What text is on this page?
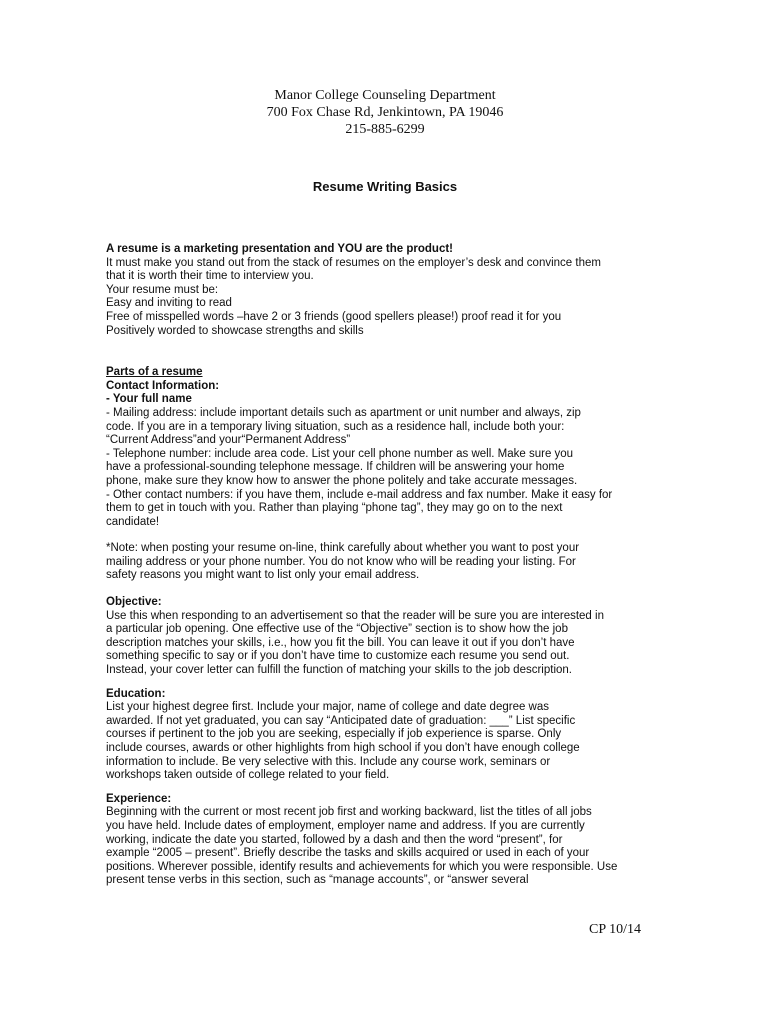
Manor College Counseling Department
700 Fox Chase Rd, Jenkintown, PA 19046
215-885-6299
Resume Writing Basics

A resume is a marketing presentation and YOU are the product!

It must make you stand out from the stack of resumes on the employer’s desk and convince them

that it is worth their time to interview you.

Your resume must be:

Easy and inviting to read

Free of misspelled words –have 2 or 3 friends (good spellers please!) proof read it for you

Positively worded to showcase strengths and skills

Parts of a resume

Contact Information:

- Your full name

- Mailing address: include important details such as apartment or unit number and always, zip

code. If you are in a temporary living situation, such as a residence hall, include both your:

“Current Address”and your“Permanent Address”

- Telephone number: include area code. List your cell phone number as well. Make sure you

have a professional-sounding telephone message. If children will be answering your home

phone, make sure they know how to answer the phone politely and take accurate messages.

- Other contact numbers: if you have them, include e-mail address and fax number. Make it easy for

them to get in touch with you. Rather than playing “phone tag”, they may go on to the next

candidate!

*Note: when posting your resume on-line, think carefully about whether you want to post your

mailing address or your phone number. You do not know who will be reading your listing. For

safety reasons you might want to list only your email address.

Objective:

Use this when responding to an advertisement so that the reader will be sure you are interested in

a particular job opening. One effective use of the “Objective” section is to show how the job

description matches your skills, i.e., how you fit the bill. You can leave it out if you don’t have

something specific to say or if you don’t have time to customize each resume you send out.

Instead, your cover letter can fulfill the function of matching your skills to the job description.

Education:

List your highest degree first. Include your major, name of college and date degree was

awarded. If not yet graduated, you can say “Anticipated date of graduation: ___” List specific

courses if pertinent to the job you are seeking, especially if job experience is sparse. Only

include courses, awards or other highlights from high school if you don’t have enough college

information to include. Be very selective with this. Include any course work, seminars or

workshops taken outside of college related to your field.

Experience:

Beginning with the current or most recent job first and working backward, list the titles of all jobs

you have held. Include dates of employment, employer name and address. If you are currently

working, indicate the date you started, followed by a dash and then the word “present”, for

example “2005 – present”. Briefly describe the tasks and skills acquired or used in each of your

positions. Wherever possible, identify results and achievements for which you were responsible. Use

present tense verbs in this section, such as “manage accounts”, or “answer several

CP 10/14
